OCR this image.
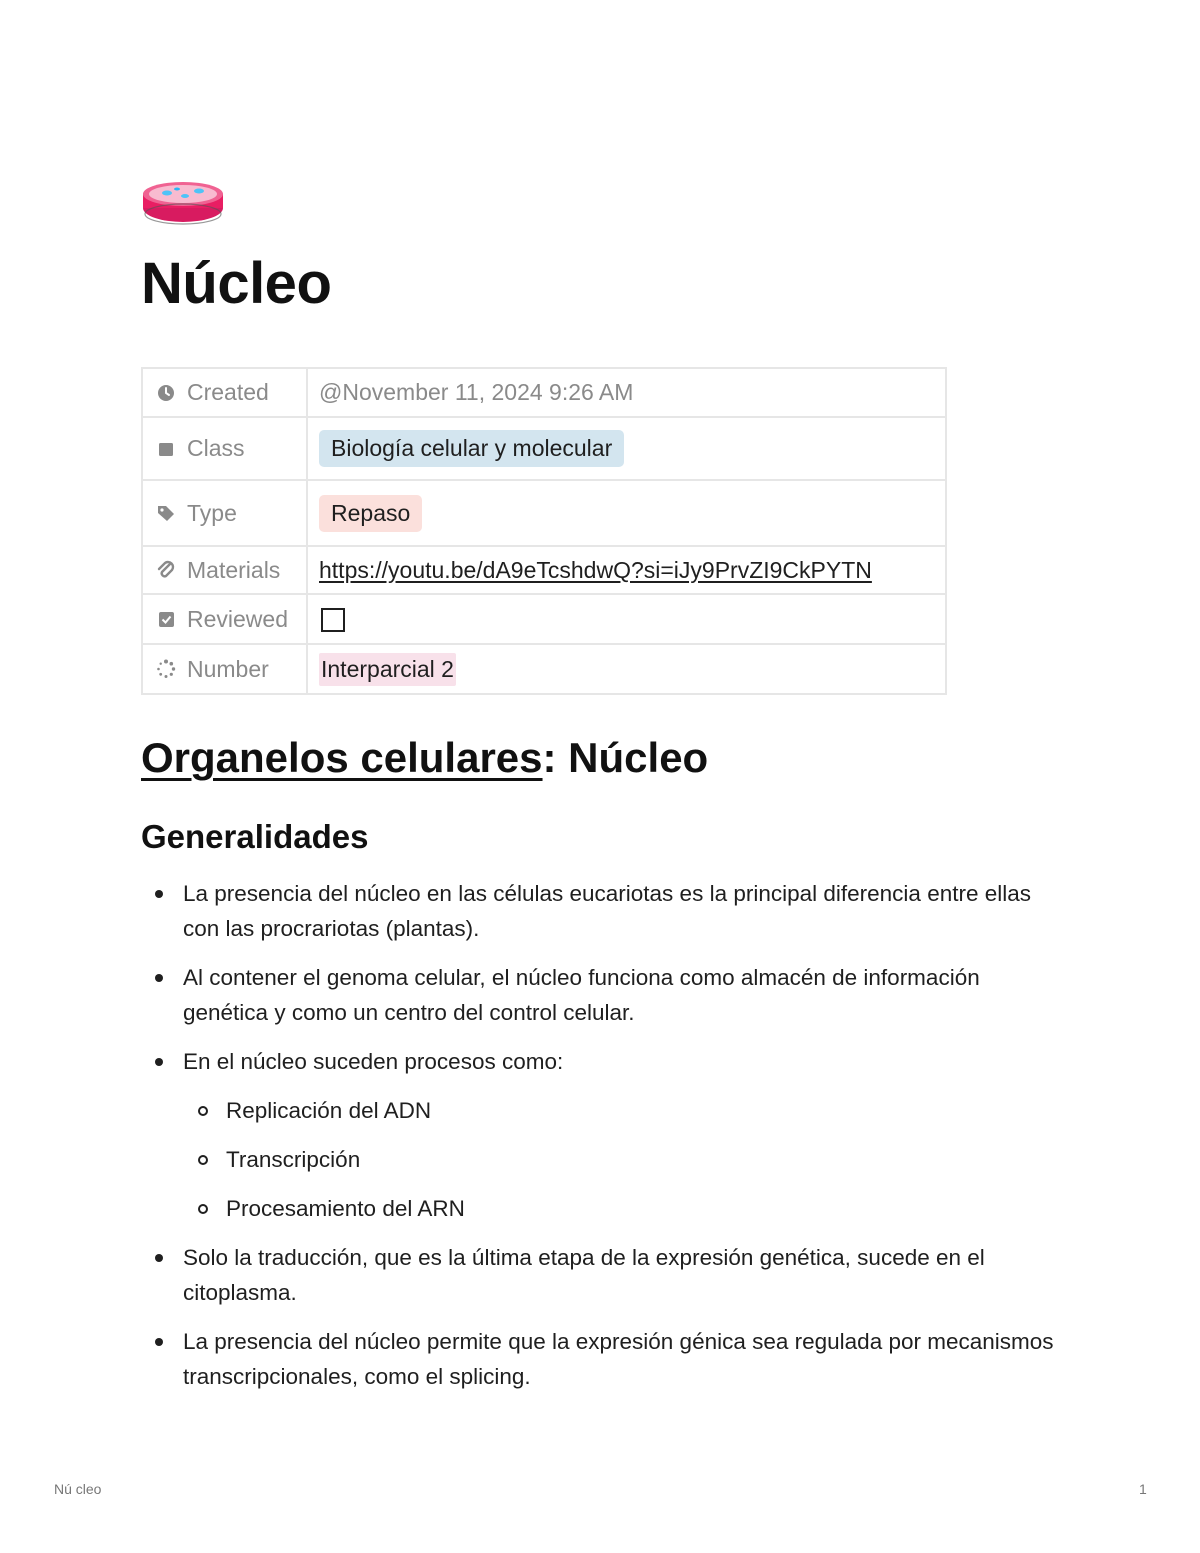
Núcleo
Created	@November 11, 2024 9:26 AM

Class	Biología celular y molecular

Type	Repaso

Materials	https://youtu.be/dA9eTcshdwQ?si=iJy9PrvZI9CkPYTN

Reviewed	

Number	Interparcial 2
Organelos celulares: Núcleo
Generalidades
La presencia del núcleo en las células eucariotas es la principal diferencia entre ellas con las procrariotas (plantas).
Al contener el genoma celular, el núcleo funciona como almacén de información genética y como un centro del control celular.
En el núcleo suceden procesos como:
Replicación del ADN
Transcripción
Procesamiento del ARN
Solo la traducción, que es la última etapa de la expresión genética, sucede en el citoplasma.
La presencia del núcleo permite que la expresión génica sea regulada por mecanismos transcripcionales, como el splicing.
Nú cleo	1
